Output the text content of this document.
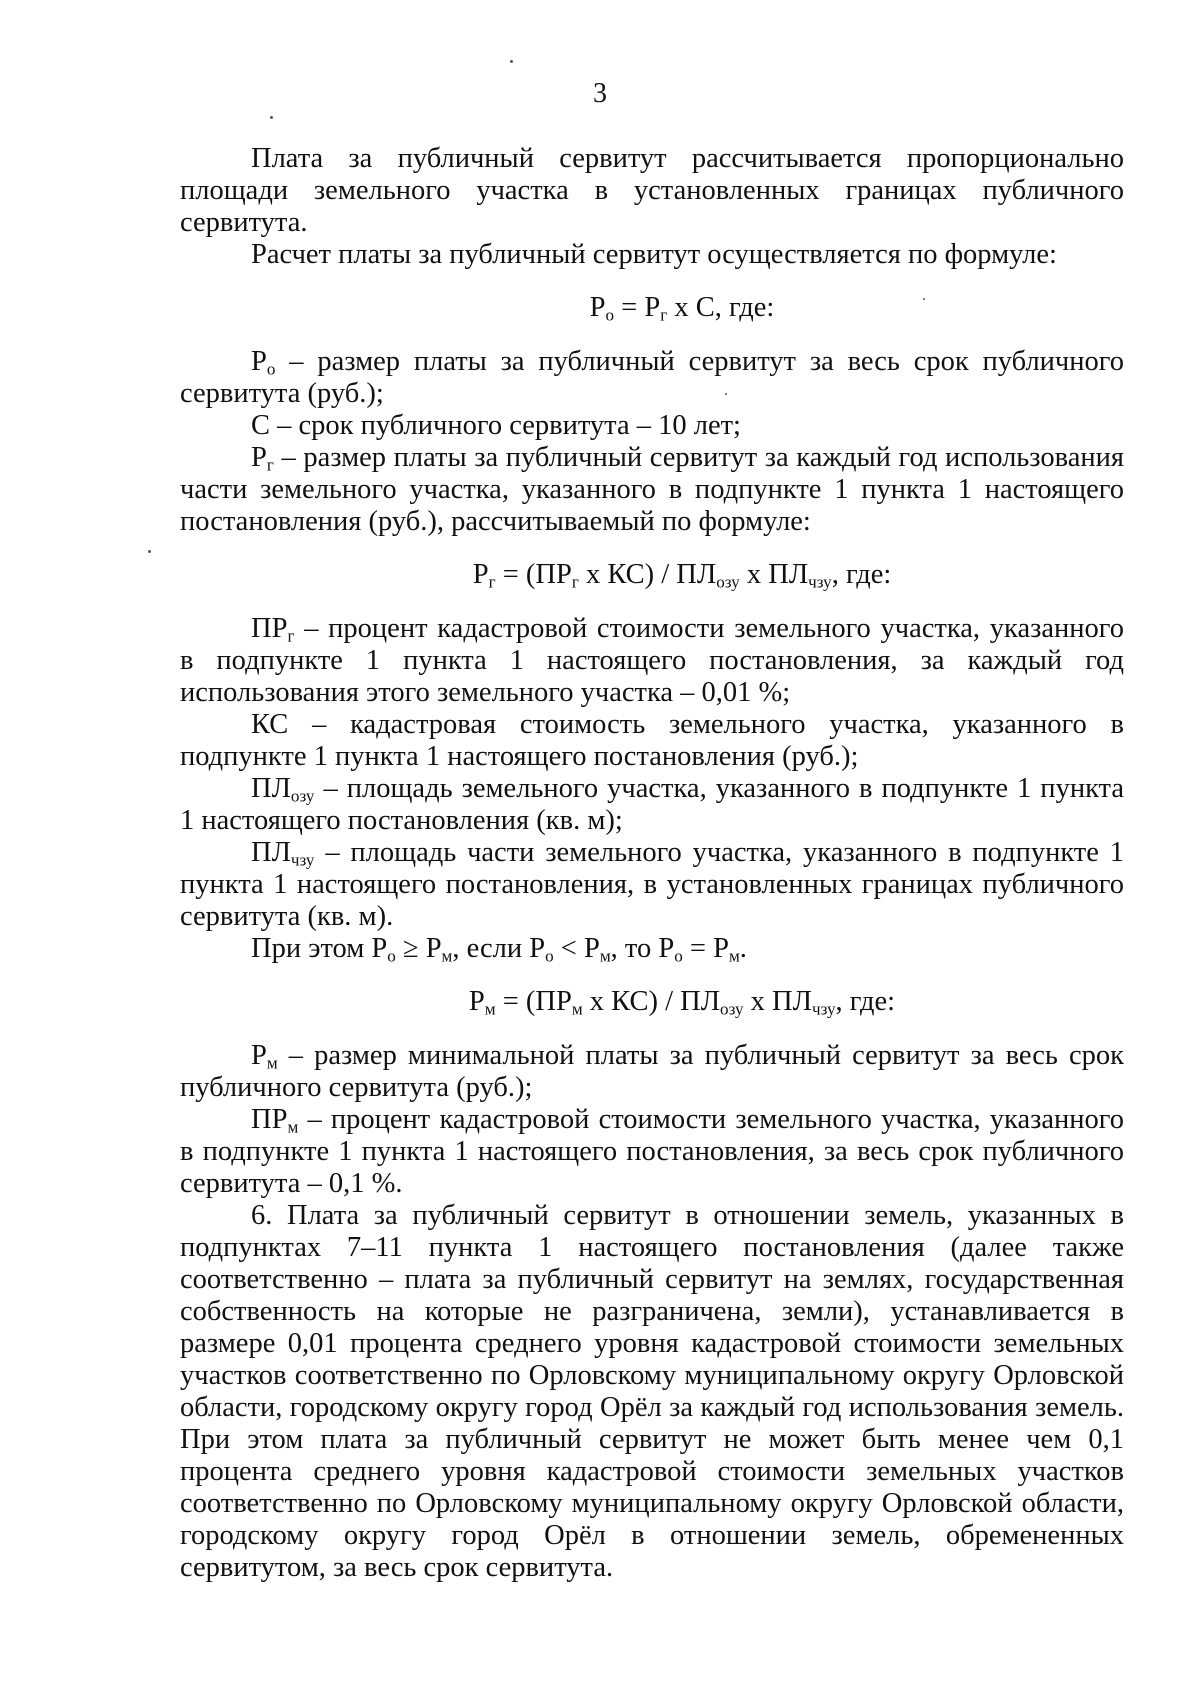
3

Плата за публичный сервитут рассчитывается пропорционально площади земельного участка в установленных границах публичного сервитута.

Расчет платы за публичный сервитут осуществляется по формуле:

$Р_о = Р_г$ х С, где:

$Р_о$ – размер платы за публичный сервитут за весь срок публичного сервитута (руб.);

С – срок публичного сервитута – 10 лет;

$Р_г$ – размер платы за публичный сервитут за каждый год использования части земельного участка, указанного в подпункте 1 пункта 1 настоящего постановления (руб.), рассчитываемый по формуле:

$Р_г = (ПР_г$ х $КС) / ПЛ_{озу}$ х $ПЛ_{чзу}$, где:

$ПР_г$ – процент кадастровой стоимости земельного участка, указанного в подпункте 1 пункта 1 настоящего постановления, за каждый год использования этого земельного участка – 0,01 %;

КС – кадастровая стоимость земельного участка, указанного в подпункте 1 пункта 1 настоящего постановления (руб.);

$ПЛ_{озу}$ – площадь земельного участка, указанного в подпункте 1 пункта 1 настоящего постановления (кв. м);

$ПЛ_{чзу}$ – площадь части земельного участка, указанного в подпункте 1 пункта 1 настоящего постановления, в установленных границах публичного сервитута (кв. м).

При этом $Р_о \ge Р_м$, если $Р_о < Р_м$, то $Р_о = Р_м$.

$Р_м = (ПР_м$ х $КС) / ПЛ_{озу}$ х $ПЛ_{чзу}$, где:

$Р_м$ – размер минимальной платы за публичный сервитут за весь срок публичного сервитута (руб.);

$ПР_м$ – процент кадастровой стоимости земельного участка, указанного в подпункте 1 пункта 1 настоящего постановления, за весь срок публичного сервитута – 0,1 %.

6. Плата за публичный сервитут в отношении земель, указанных в подпунктах 7–11 пункта 1 настоящего постановления (далее также соответственно – плата за публичный сервитут на землях, государственная собственность на которые не разграничена, земли), устанавливается в размере 0,01 процента среднего уровня кадастровой стоимости земельных участков соответственно по Орловскому муниципальному округу Орловской области, городскому округу город Орёл за каждый год использования земель. При этом плата за публичный сервитут не может быть менее чем 0,1 процента среднего уровня кадастровой стоимости земельных участков соответственно по Орловскому муниципальному округу Орловской области, городскому округу город Орёл в отношении земель, обремененных сервитутом, за весь срок сервитута.
